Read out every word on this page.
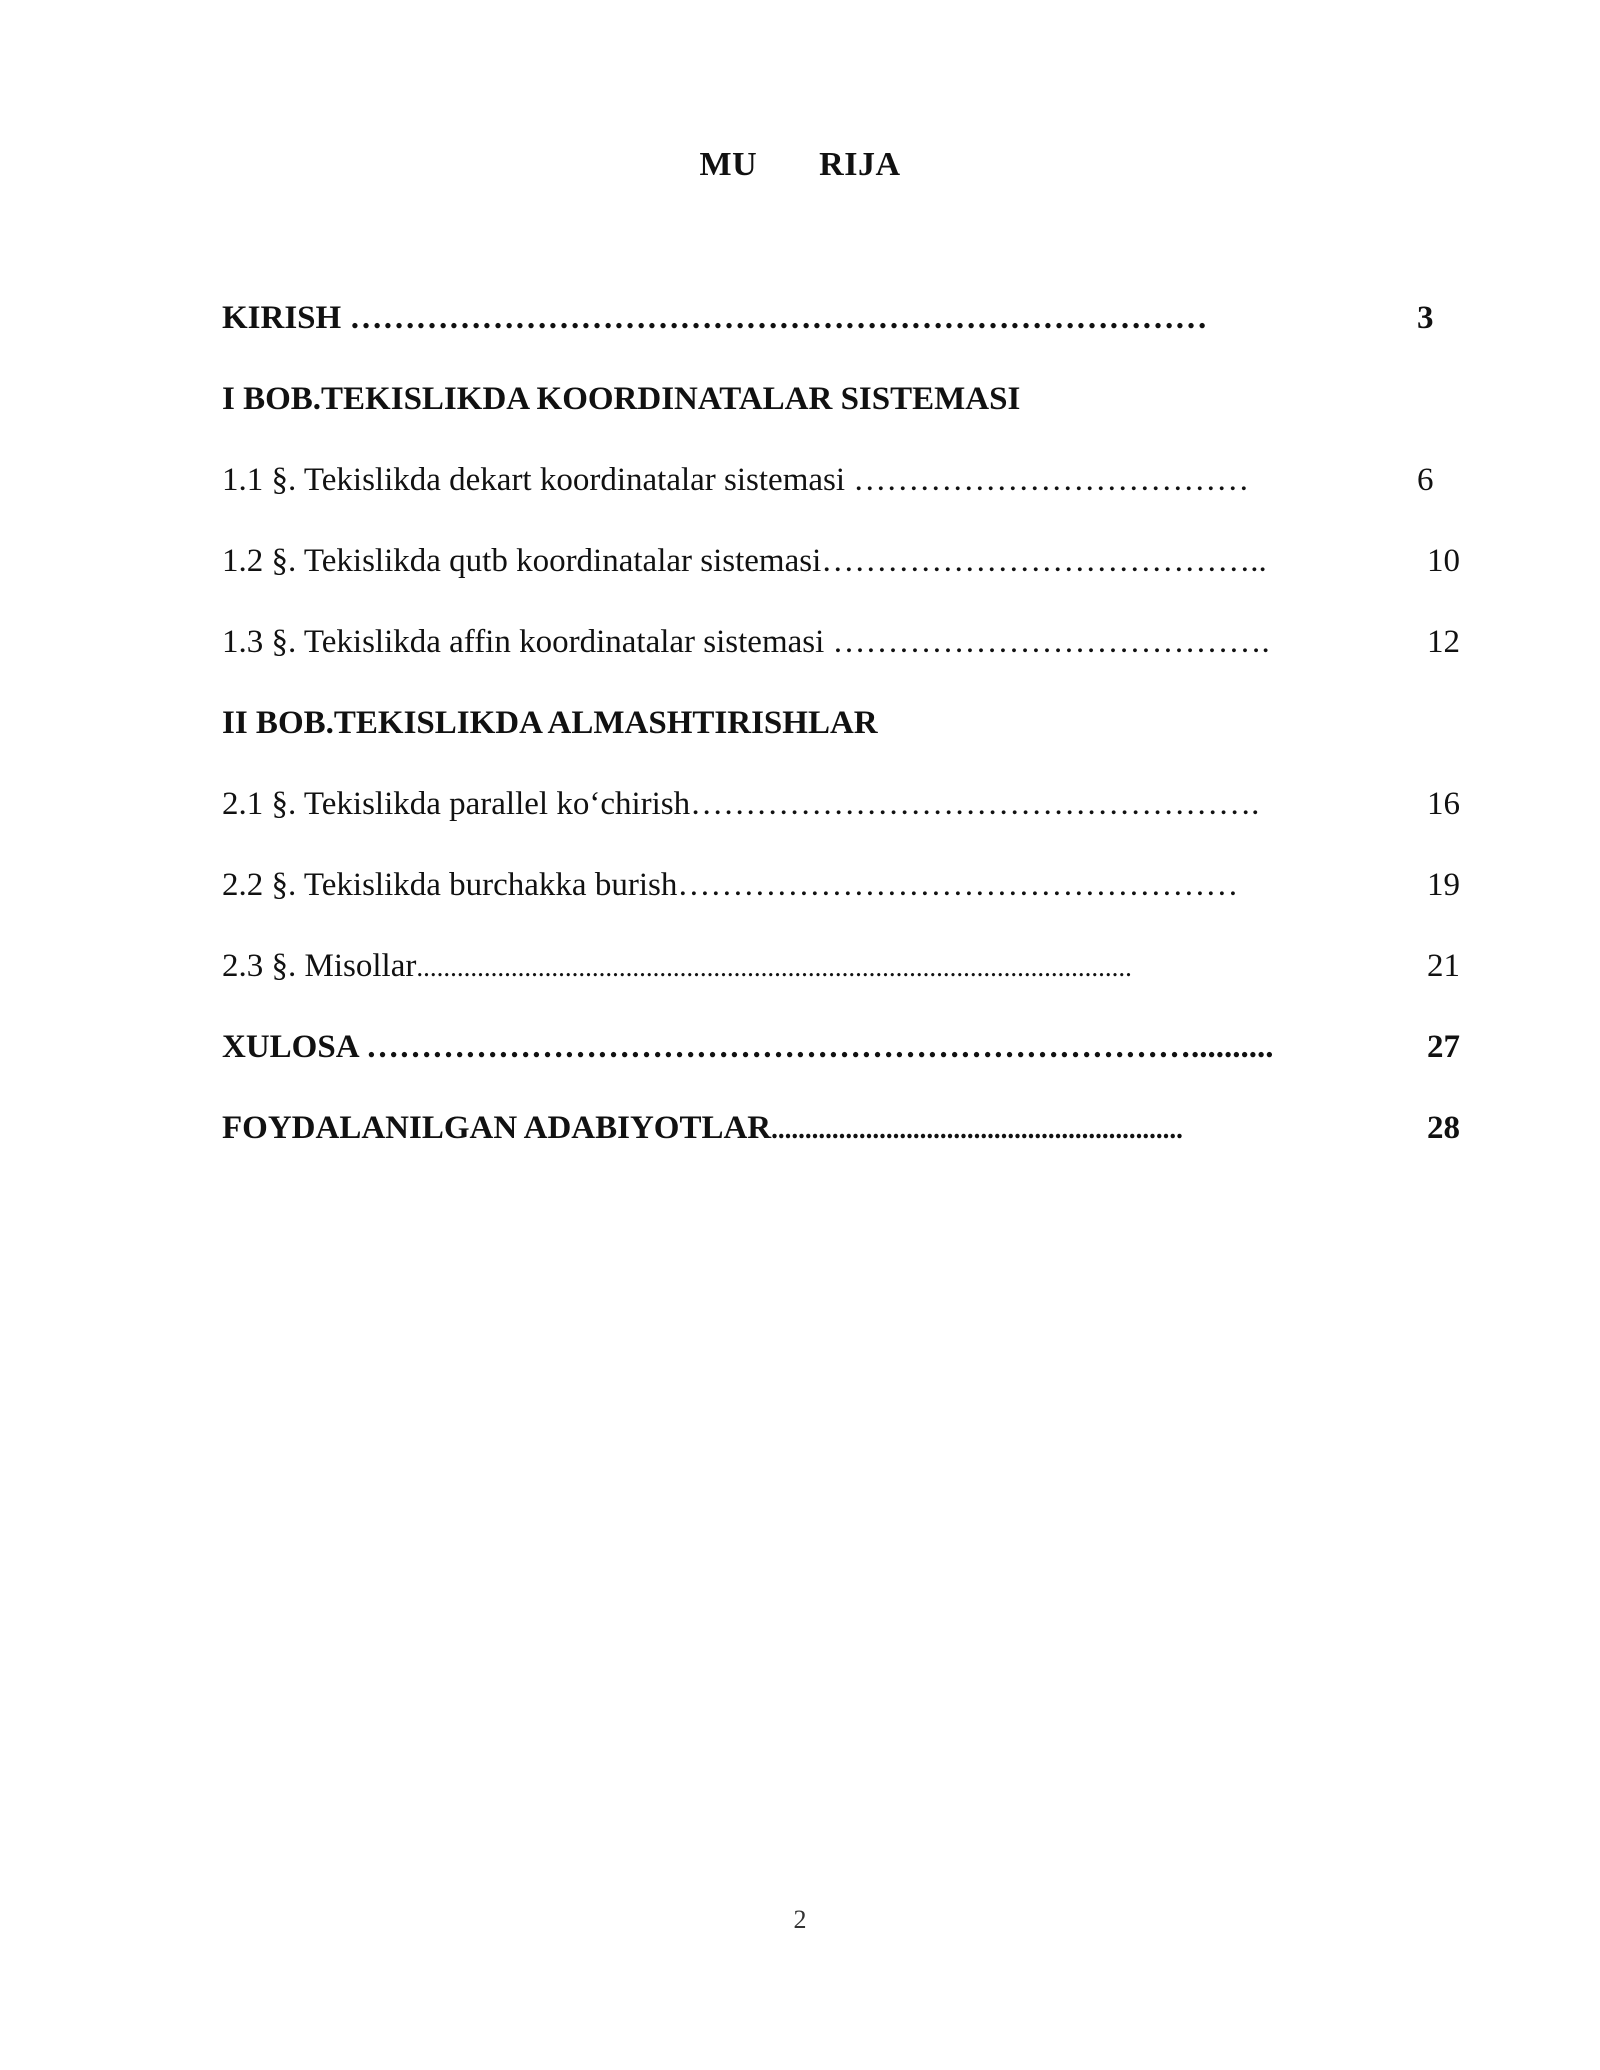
MU RIJA
KIRISH ……………………………………………………………………	3
I BOB.TEKISLIKDA KOORDINATALAR SISTEMASI
1.1 §. Tekislikda dekart koordinatalar sistemasi ………………………………	6
1.2 §. Tekislikda qutb koordinatalar sistemasi…………………………………..	10
1.3 §. Tekislikda affin koordinatalar sistemasi ………………………………….	12
II BOB.TEKISLIKDA ALMASHTIRISHLAR
2.1 §. Tekislikda parallel ko‘chirish…………………………………………….	16
2.2 §. Tekislikda burchakka burish……………………………………………	19
2.3 §. Misollar..........................................................................................................	21
XULOSA …………………………………………………………………..........	27
FOYDALANILGAN ADABIYOTLAR.............................................................	28
2
